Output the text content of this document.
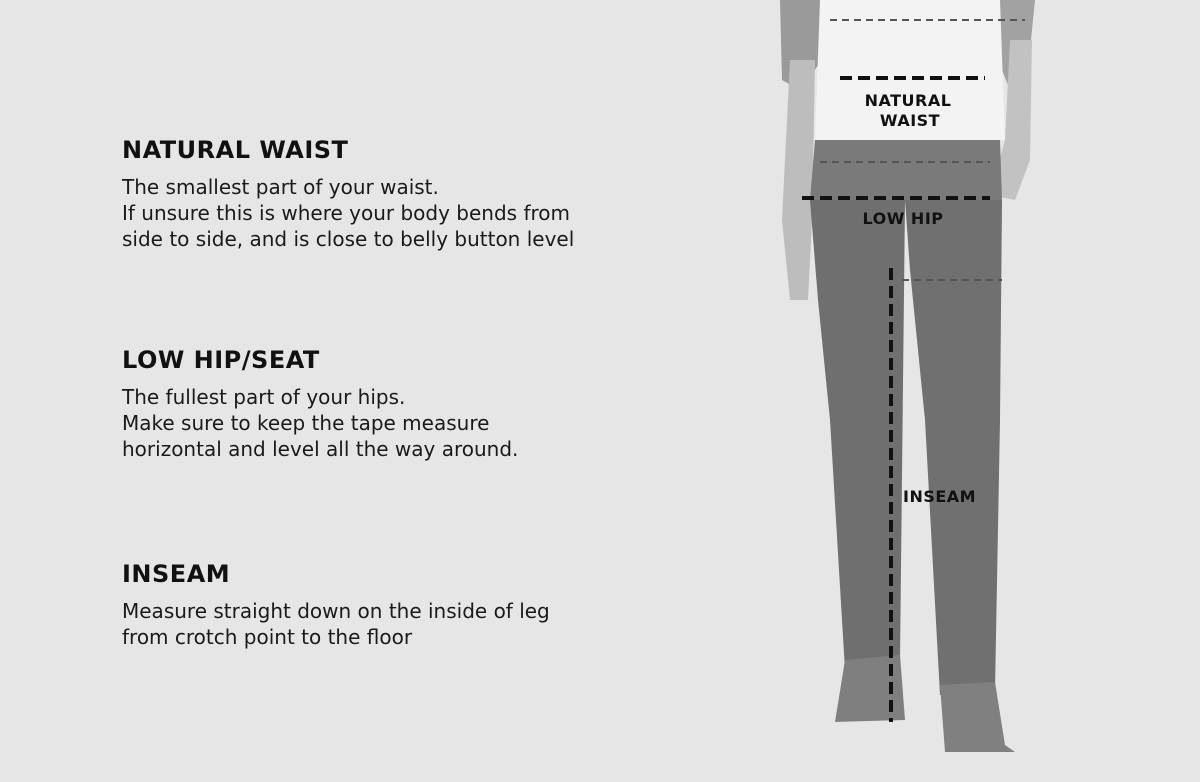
NATURAL WAIST
The smallest part of your waist.
If unsure this is where your body bends from
side to side, and is close to belly button level
LOW HIP/SEAT
The fullest part of your hips.
Make sure to keep the tape measure
horizontal and level all the way around.
INSEAM
Measure straight down on the inside of leg
from crotch point to the floor
NATURAL
WAIST
LOW HIP
INSEAM
